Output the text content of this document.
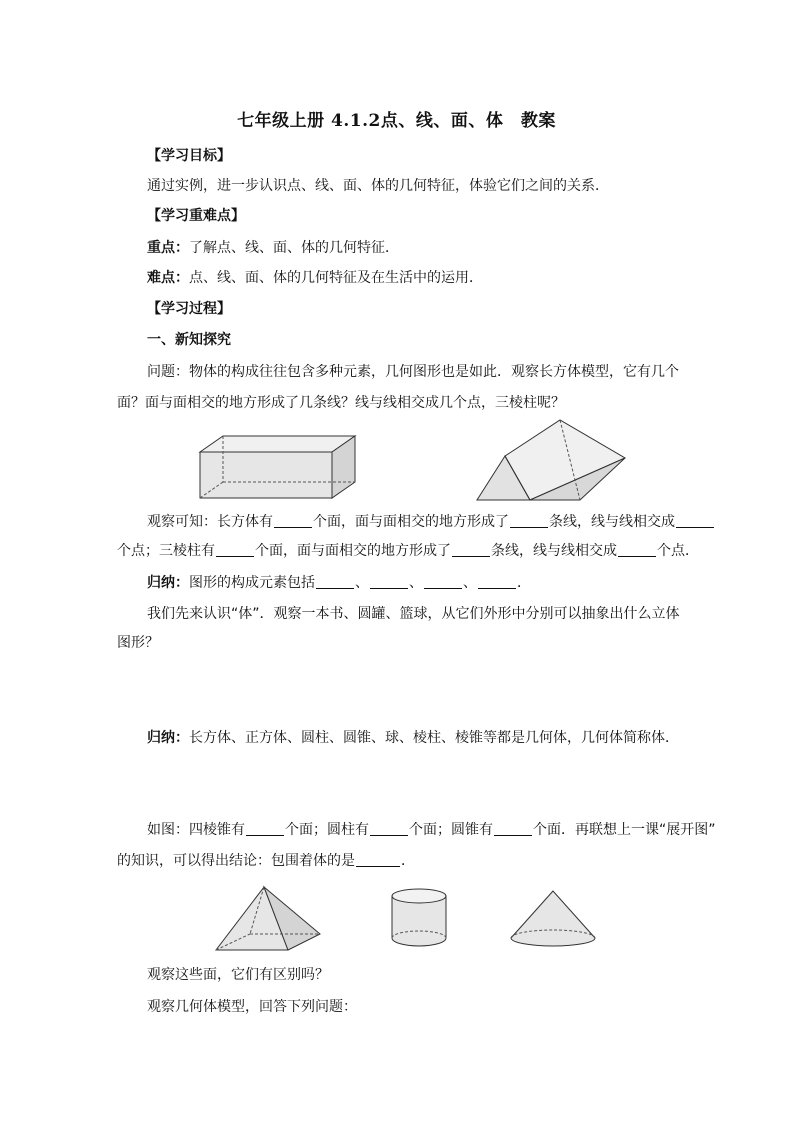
七年级上册 4.1.2点、线、面、体　教案
【学习目标】
通过实例，进一步认识点、线、面、体的几何特征，体验它们之间的关系．
【学习重难点】
重点：了解点、线、面、体的几何特征．
难点：点、线、面、体的几何特征及在生活中的运用．
【学习过程】
一、新知探究
问题：物体的构成往往包含多种元素，几何图形也是如此．观察长方体模型，它有几个
面？面与面相交的地方形成了几条线？线与线相交成几个点，三棱柱呢？
观察可知：长方体有	个面，面与面相交的地方形成了	条线，线与线相交成
个点；三棱柱有	个面，面与面相交的地方形成了	条线，线与线相交成	个点．
归纳：图形的构成元素包括	、	、	、	．
我们先来认识“体”．观察一本书、圆罐、篮球，从它们外形中分别可以抽象出什么立体
图形？
归纳：长方体、正方体、圆柱、圆锥、球、棱柱、棱锥等都是几何体，几何体简称体．
如图：四棱锥有	个面；圆柱有	个面；圆锥有	个面．再联想上一课“展开图”
的知识，可以得出结论：包围着体的是	．
观察这些面，它们有区别吗？
观察几何体模型，回答下列问题：
